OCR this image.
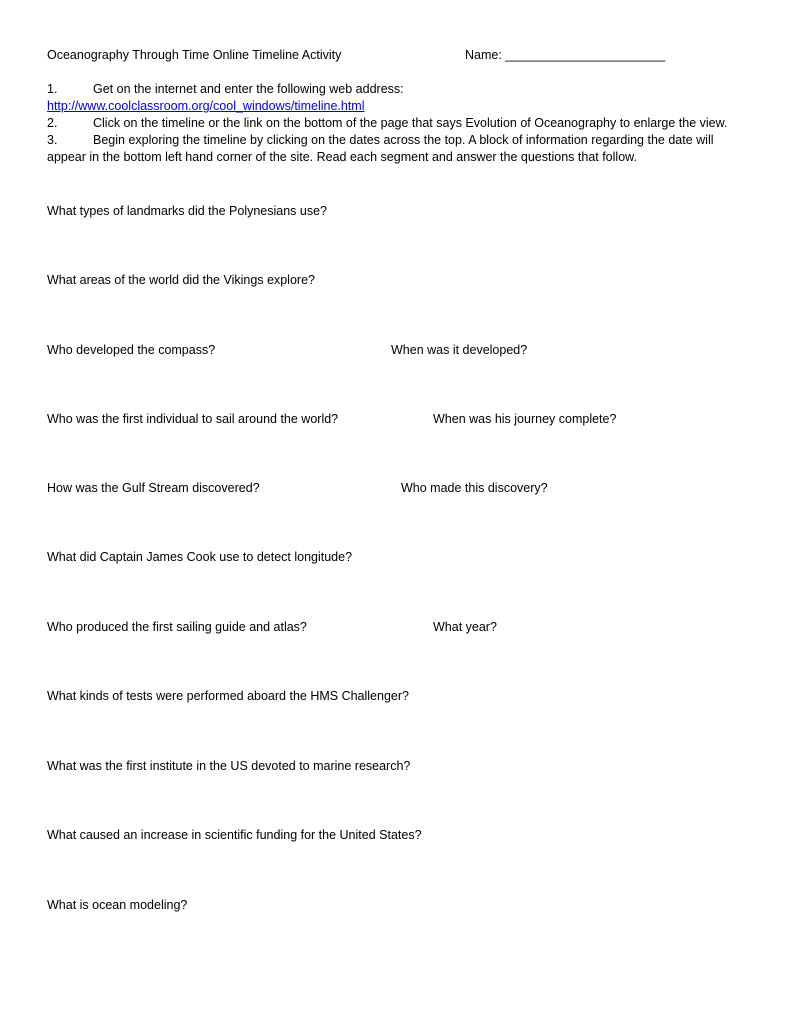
Oceanography Through Time Online Timeline Activity	Name: _______________________

1.	Get on the internet and enter the following web address:

http://www.coolclassroom.org/cool_windows/timeline.html

2.	Click on the timeline or the link on the bottom of the page that says Evolution of Oceanography to enlarge the view.

3.	Begin exploring the timeline by clicking on the dates across the top. A block of information regarding the date will appear in the bottom left hand corner of the site. Read each segment and answer the questions that follow.

What types of landmarks did the Polynesians use?
What areas of the world did the Vikings explore?
Who developed the compass?	When was it developed?
Who was the first individual to sail around the world?	When was his journey complete?
How was the Gulf Stream discovered?	Who made this discovery?
What did Captain James Cook use to detect longitude?
Who produced the first sailing guide and atlas?	What year?
What kinds of tests were performed aboard the HMS Challenger?
What was the first institute in the US devoted to marine research?
What caused an increase in scientific funding for the United States?
What is ocean modeling?
